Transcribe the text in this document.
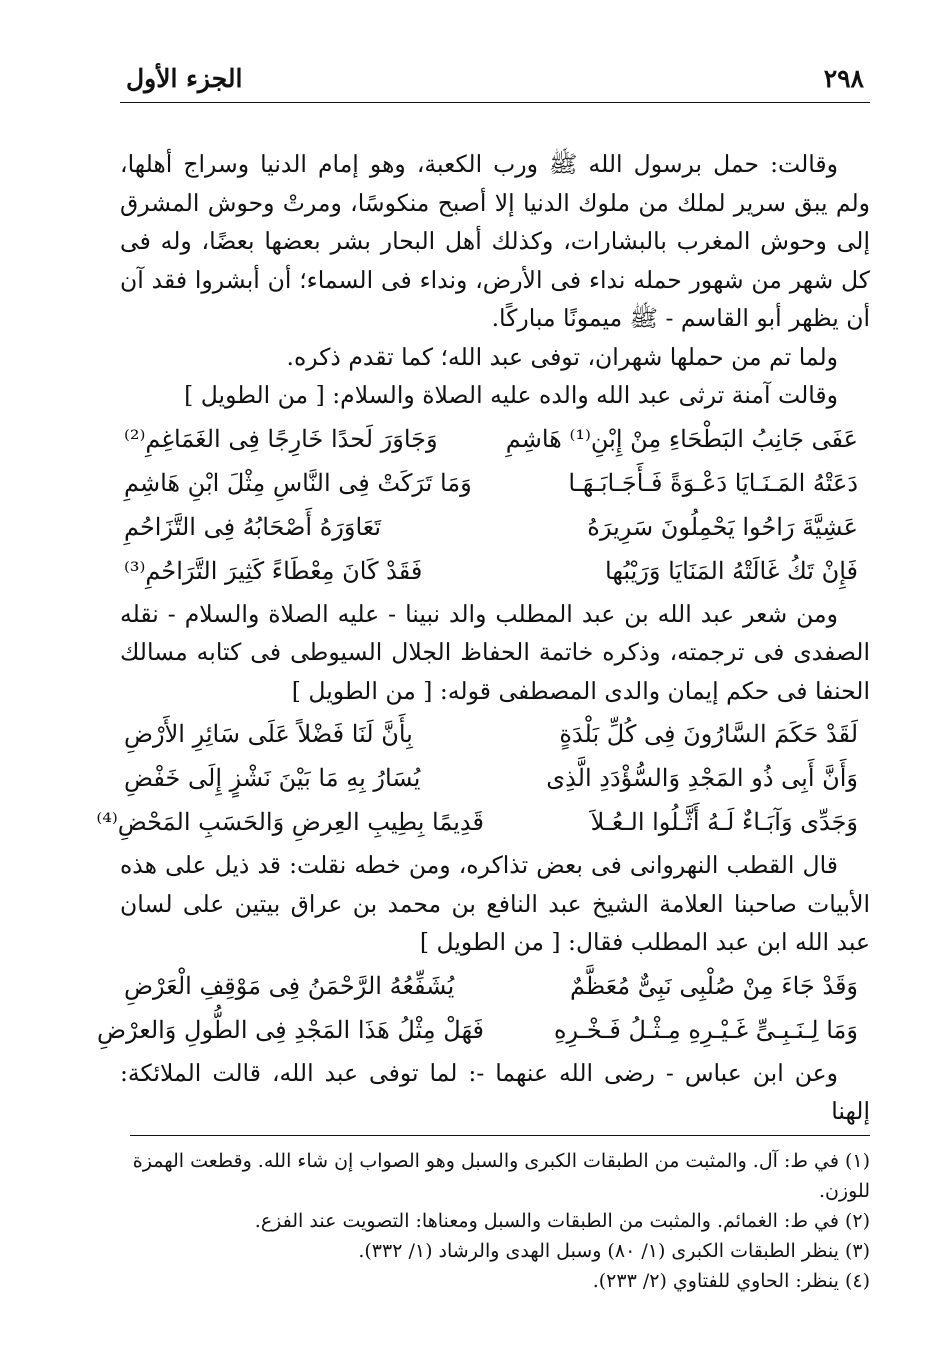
٢٩٨
الجزء الأول

وقالت: حمل برسول الله ﷺ ورب الكعبة، وهو إمام الدنيا وسراج أهلها، ولم يبق سرير لملك من ملوك الدنيا إلا أصبح منكوسًا، ومرتْ وحوش المشرق إلى وحوش المغرب بالبشارات، وكذلك أهل البحار بشر بعضها بعضًا، وله فى كل شهر من شهور حمله نداء فى الأرض، ونداء فى السماء؛ أن أبشروا فقد آن أن يظهر أبو القاسم - ﷺ ميمونًا مباركًا.

ولما تم من حملها شهران، توفى عبد الله؛ كما تقدم ذكره.

وقالت آمنة ترثى عبد الله والده عليه الصلاة والسلام: [ من الطويل ]

عَفَى جَانِبُ البَطْحَاءِ مِنْ إِبْنِ⁽¹⁾ هَاشِمِ
وَجَاوَرَ لَحدًا خَارِجًا فِى الغَمَاغِمِ⁽²⁾
دَعَتْهُ المَـنَـايَا دَعْـوَةً فَـأَجَـابَـهَـا
وَمَا تَرَكَتْ فِى النَّاسِ مِثْلَ ابْنِ هَاشِمِ
عَشِيَّةَ رَاحُوا يَحْمِلُونَ سَرِيرَهُ
تَعَاوَرَهُ أَصْحَابُهُ فِى التَّزَاحُمِ
فَإِنْ تَكُ غَالَتْهُ المَنَايَا وَرَيْبُها
فَقَدْ كَانَ مِعْطَاءً كَثِيرَ التَّرَاحُمِ⁽³⁾

ومن شعر عبد الله بن عبد المطلب والد نبينا - عليه الصلاة والسلام - نقله الصفدى فى ترجمته، وذكره خاتمة الحفاظ الجلال السيوطى فى كتابه مسالك الحنفا فى حكم إيمان والدى المصطفى قوله: [ من الطويل ]

لَقَدْ حَكَمَ السَّارُونَ فِى كُلِّ بَلْدَةٍ
بِأَنَّ لَنَا فَضْلاً عَلَى سَائِرِ الأَرْضِ
وَأَنَّ أَبِى ذُو المَجْدِ وَالسُّؤْدَدِ الَّذِى
يُسَارُ بِهِ مَا بَيْنَ نَشْزٍ إِلَى خَفْضِ
وَجَدِّى وَآبَـاءٌ لَـهُ أَثَّـلُوا الـعُـلاَ
قَدِيمًا بِطِيبِ العِرضِ وَالحَسَبِ المَحْضِ⁽⁴⁾

قال القطب النهروانى فى بعض تذاكره، ومن خطه نقلت: قد ذيل على هذه الأبيات صاحبنا العلامة الشيخ عبد النافع بن محمد بن عراق بيتين على لسان عبد الله ابن عبد المطلب فقال: [ من الطويل ]

وَقَدْ جَاءَ مِنْ صُلْبِى نَبِىٌّ مُعَظَّمٌ
يُشَفِّعُهُ الرَّحْمَنُ فِى مَوْقِفِ الْعَرْضِ
وَمَا لِـنَـبِـىٍّ غَـيْـرِهِ مِـثْـلُ فَـخْـرِهِ
فَهَلْ مِثْلُ هَذَا المَجْدِ فِى الطُّولِ وَالعرْضِ

وعن ابن عباس - رضى الله عنهما -: لما توفى عبد الله، قالت الملائكة: إلهنا

(١) في ط: آل. والمثبت من الطبقات الكبرى والسبل وهو الصواب إن شاء الله. وقطعت الهمزة للوزن.

(٢) في ط: الغمائم. والمثبت من الطبقات والسبل ومعناها: التصويت عند الفزع.

(٣) ينظر الطبقات الكبرى (١/ ٨٠) وسبل الهدى والرشاد (١/ ٣٣٢).

(٤) ينظر: الحاوي للفتاوي (٢/ ٢٣٣).
